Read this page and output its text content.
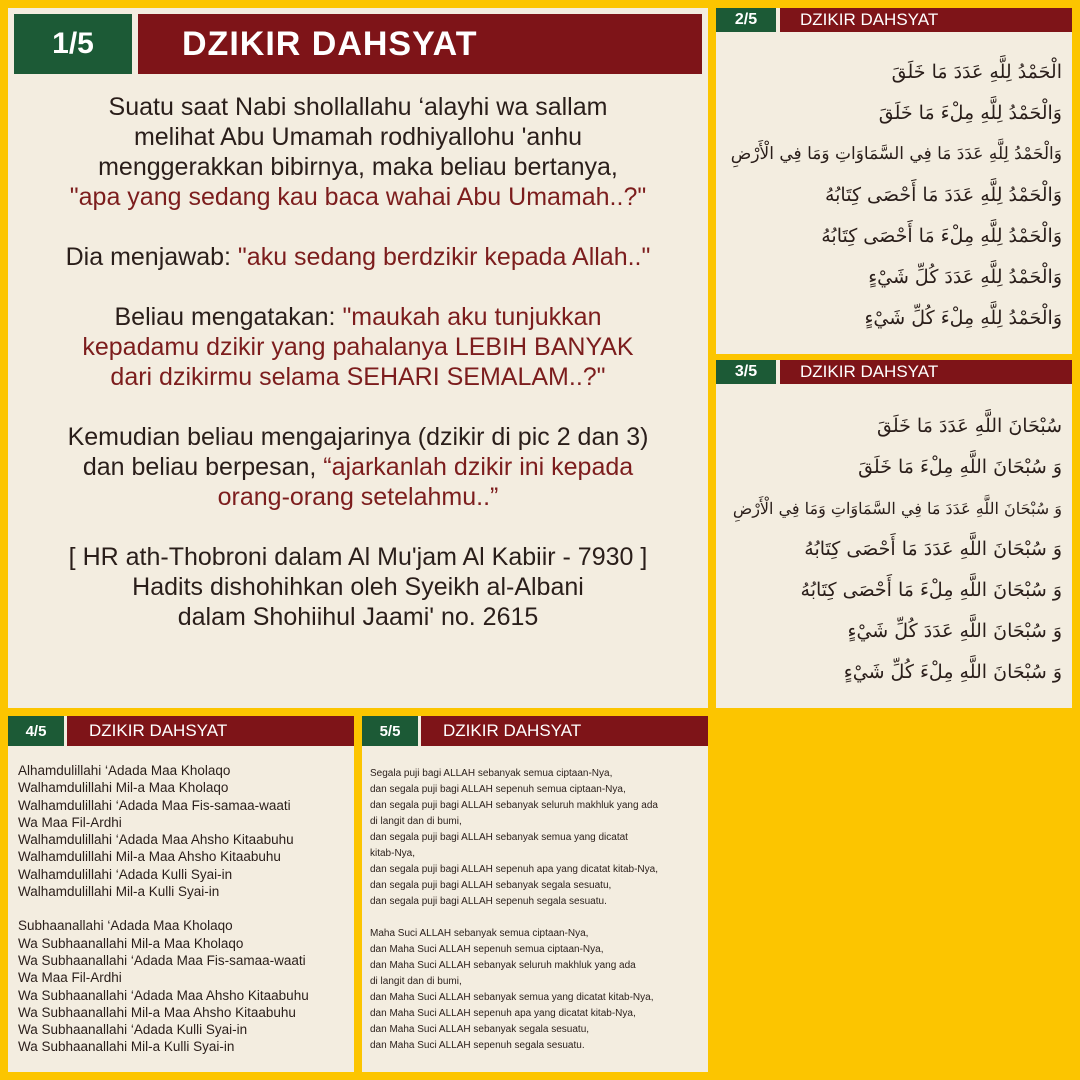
1/5	DZIKIR DAHSYAT
Suatu saat Nabi shollallahu ‘alayhi wa sallam
melihat Abu Umamah rodhiyallohu 'anhu
menggerakkan bibirnya, maka beliau bertanya,
"apa yang sedang kau baca wahai Abu Umamah..?"
Dia menjawab: "aku sedang berdzikir kepada Allah.."
Beliau mengatakan: "maukah aku tunjukkan
kepadamu dzikir yang pahalanya LEBIH BANYAK
dari dzikirmu selama SEHARI SEMALAM..?"
Kemudian beliau mengajarinya (dzikir di pic 2 dan 3)
dan beliau berpesan, “ajarkanlah dzikir ini kepada
orang-orang setelahmu..”
[ HR ath-Thobroni dalam Al Mu'jam Al Kabiir - 7930 ]
Hadits dishohihkan oleh Syeikh al-Albani
dalam Shohiihul Jaami' no. 2615
2/5	DZIKIR DAHSYAT
الْحَمْدُ لِلَّهِ عَدَدَ مَا خَلَقَ
وَالْحَمْدُ لِلَّهِ مِلْءَ مَا خَلَقَ
وَالْحَمْدُ لِلَّهِ عَدَدَ مَا فِي السَّمَاوَاتِ وَمَا فِي الْأَرْضِ
وَالْحَمْدُ لِلَّهِ عَدَدَ مَا أَحْصَى كِتَابُهُ
وَالْحَمْدُ لِلَّهِ مِلْءَ مَا أَحْصَى كِتَابُهُ
وَالْحَمْدُ لِلَّهِ عَدَدَ كُلِّ شَيْءٍ
وَالْحَمْدُ لِلَّهِ مِلْءَ كُلِّ شَيْءٍ
3/5	DZIKIR DAHSYAT
سُبْحَانَ اللَّهِ عَدَدَ مَا خَلَقَ
وَ سُبْحَانَ اللَّهِ مِلْءَ مَا خَلَقَ
وَ سُبْحَانَ اللَّهِ عَدَدَ مَا فِي السَّمَاوَاتِ وَمَا فِي الْأَرْضِ
وَ سُبْحَانَ اللَّهِ عَدَدَ مَا أَحْصَى كِتَابُهُ
وَ سُبْحَانَ اللَّهِ مِلْءَ مَا أَحْصَى كِتَابُهُ
وَ سُبْحَانَ اللَّهِ عَدَدَ كُلِّ شَيْءٍ
وَ سُبْحَانَ اللَّهِ مِلْءَ كُلِّ شَيْءٍ
4/5	DZIKIR DAHSYAT
Alhamdulillahi ‘Adada Maa Kholaqo
Walhamdulillahi Mil-a Maa Kholaqo
Walhamdulillahi ‘Adada Maa Fis-samaa-waati
Wa Maa Fil-Ardhi
Walhamdulillahi ‘Adada Maa Ahsho Kitaabuhu
Walhamdulillahi Mil-a Maa Ahsho Kitaabuhu
Walhamdulillahi ‘Adada Kulli Syai-in
Walhamdulillahi Mil-a Kulli Syai-in
Subhaanallahi ‘Adada Maa Kholaqo
Wa Subhaanallahi Mil-a Maa Kholaqo
Wa Subhaanallahi ‘Adada Maa Fis-samaa-waati
Wa Maa Fil-Ardhi
Wa Subhaanallahi ‘Adada Maa Ahsho Kitaabuhu
Wa Subhaanallahi Mil-a Maa Ahsho Kitaabuhu
Wa Subhaanallahi ‘Adada Kulli Syai-in
Wa Subhaanallahi Mil-a Kulli Syai-in
5/5	DZIKIR DAHSYAT
Segala puji bagi ALLAH sebanyak semua ciptaan-Nya,
dan segala puji bagi ALLAH sepenuh semua ciptaan-Nya,
dan segala puji bagi ALLAH sebanyak seluruh makhluk yang ada
di langit dan di bumi,
dan segala puji bagi ALLAH sebanyak semua yang dicatat
kitab-Nya,
dan segala puji bagi ALLAH sepenuh apa yang dicatat kitab-Nya,
dan segala puji bagi ALLAH sebanyak segala sesuatu,
dan segala puji bagi ALLAH sepenuh segala sesuatu.
Maha Suci ALLAH sebanyak semua ciptaan-Nya,
dan Maha Suci ALLAH sepenuh semua ciptaan-Nya,
dan Maha Suci ALLAH sebanyak seluruh makhluk yang ada
di langit dan di bumi,
dan Maha Suci ALLAH sebanyak semua yang dicatat kitab-Nya,
dan Maha Suci ALLAH sepenuh apa yang dicatat kitab-Nya,
dan Maha Suci ALLAH sebanyak segala sesuatu,
dan Maha Suci ALLAH sepenuh segala sesuatu.
